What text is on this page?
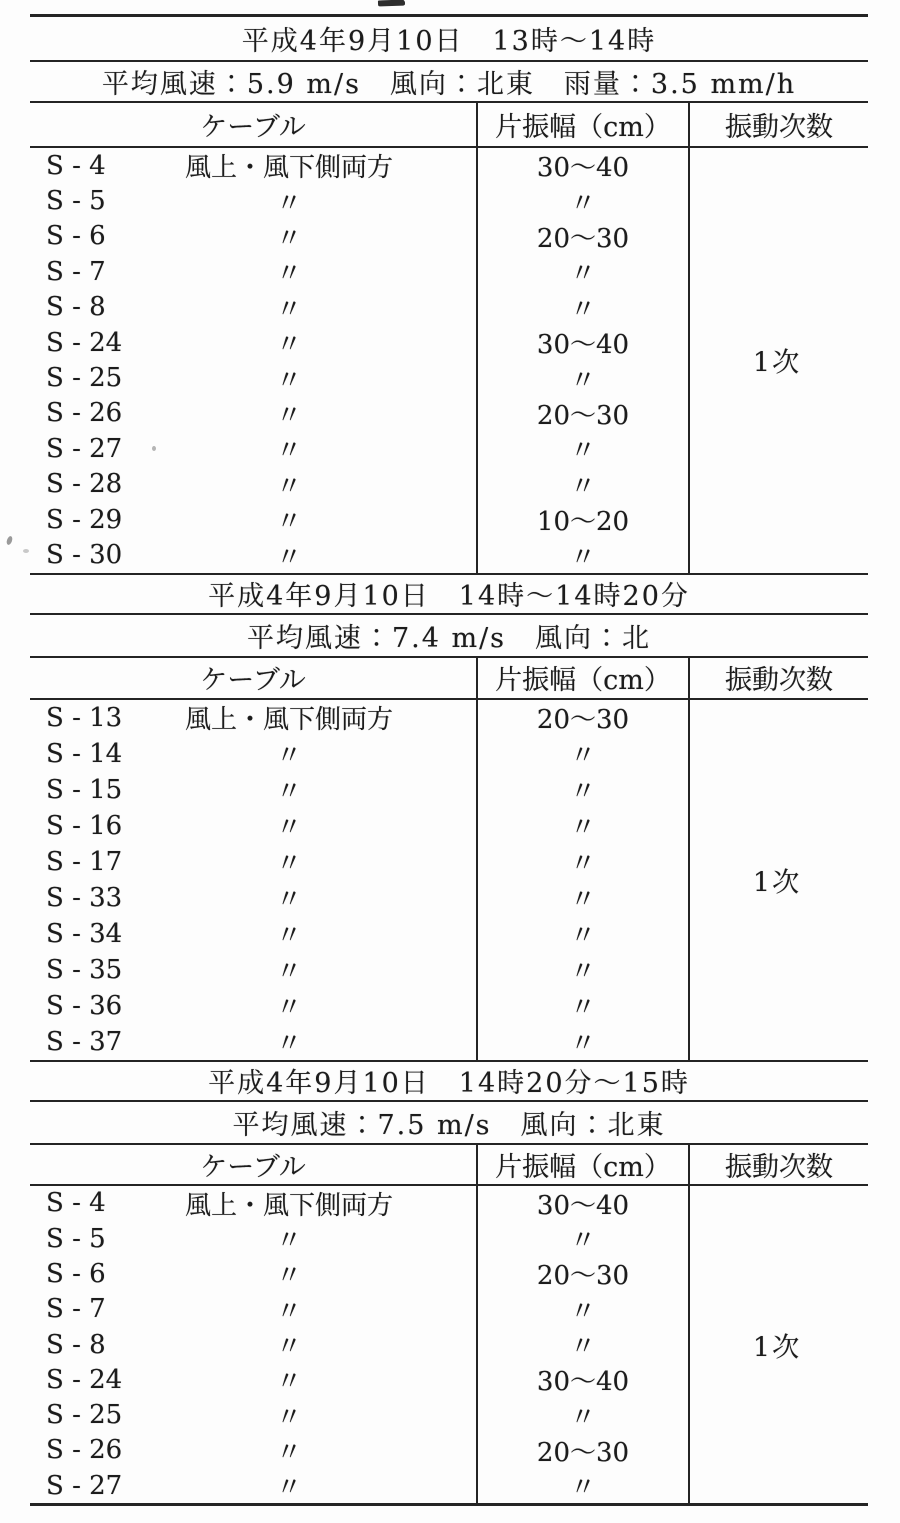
平成4年9月10日　13時〜14時
平均風速：5.9 m/s　風向：北東　雨量：3.5 mm/h
ケーブル	片振幅（cm）	振動次数
S - 4	風上・風下側両方	30〜40
S - 5	〃	〃
S - 6	〃	20〜30
S - 7	〃	〃
S - 8	〃	〃
S - 24	〃	30〜40
S - 25	〃	〃
S - 26	〃	20〜30
S - 27	〃	〃
S - 28	〃	〃
S - 29	〃	10〜20
S - 30	〃	〃
1次
平成4年9月10日　14時〜14時20分
平均風速：7.4 m/s　風向：北
ケーブル	片振幅（cm）	振動次数
S - 13	風上・風下側両方	20〜30
S - 14	〃	〃
S - 15	〃	〃
S - 16	〃	〃
S - 17	〃	〃
S - 33	〃	〃
S - 34	〃	〃
S - 35	〃	〃
S - 36	〃	〃
S - 37	〃	〃
1次
平成4年9月10日　14時20分〜15時
平均風速：7.5 m/s　風向：北東
ケーブル	片振幅（cm）	振動次数
S - 4	風上・風下側両方	30〜40
S - 5	〃	〃
S - 6	〃	20〜30
S - 7	〃	〃
S - 8	〃	〃
S - 24	〃	30〜40
S - 25	〃	〃
S - 26	〃	20〜30
S - 27	〃	〃
1次
